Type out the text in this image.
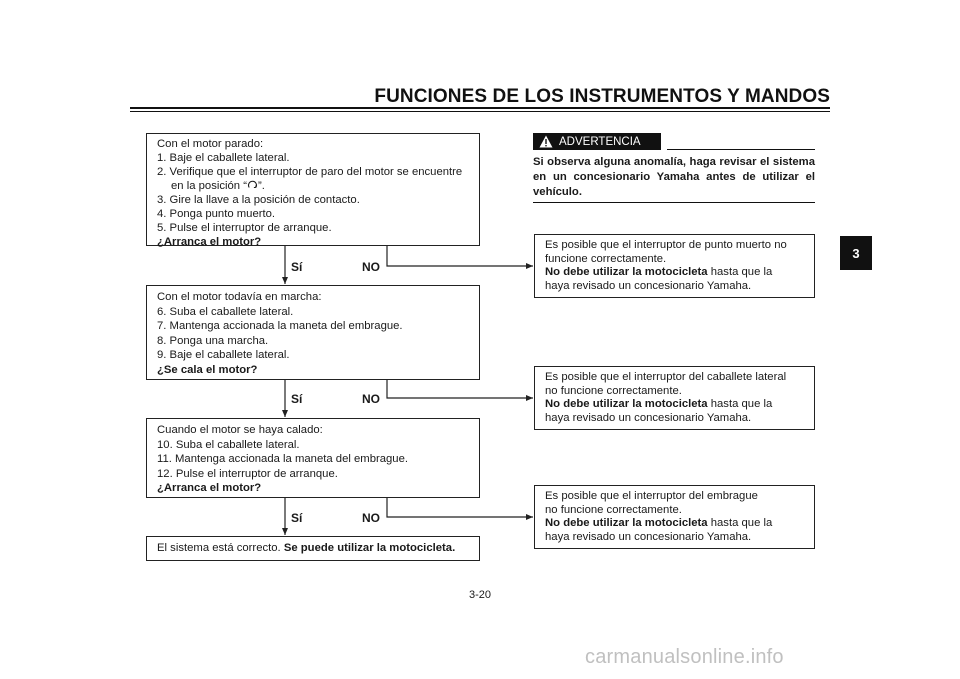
FUNCIONES DE LOS INSTRUMENTOS Y MANDOS
3
Con el motor parado:
1. Baje el caballete lateral.
2. Verifique que el interruptor de paro del motor se encuentre
en la posición “ ”.
3. Gire la llave a la posición de contacto.
4. Ponga punto muerto.
5. Pulse el interruptor de arranque.
¿Arranca el motor?
Sí	NO
Con el motor todavía en marcha:
6. Suba el caballete lateral.
7. Mantenga accionada la maneta del embrague.
8. Ponga una marcha.
9. Baje el caballete lateral.
¿Se cala el motor?
Sí	NO
Cuando el motor se haya calado:
10. Suba el caballete lateral.
11. Mantenga accionada la maneta del embrague.
12. Pulse el interruptor de arranque.
¿Arranca el motor?
Sí	NO
El sistema está correcto. Se puede utilizar la motocicleta.
ADVERTENCIA
Si observa alguna anomalía, haga revisar el sistema en un concesionario Yamaha antes de utilizar el vehículo.
Es posible que el interruptor de punto muerto no
funcione correctamente.
No debe utilizar la motocicleta hasta que la
haya revisado un concesionario Yamaha.
Es posible que el interruptor del caballete lateral
no funcione correctamente.
No debe utilizar la motocicleta hasta que la
haya revisado un concesionario Yamaha.
Es posible que el interruptor del embrague
no funcione correctamente.
No debe utilizar la motocicleta hasta que la
haya revisado un concesionario Yamaha.
3-20
carmanualsonline.info
